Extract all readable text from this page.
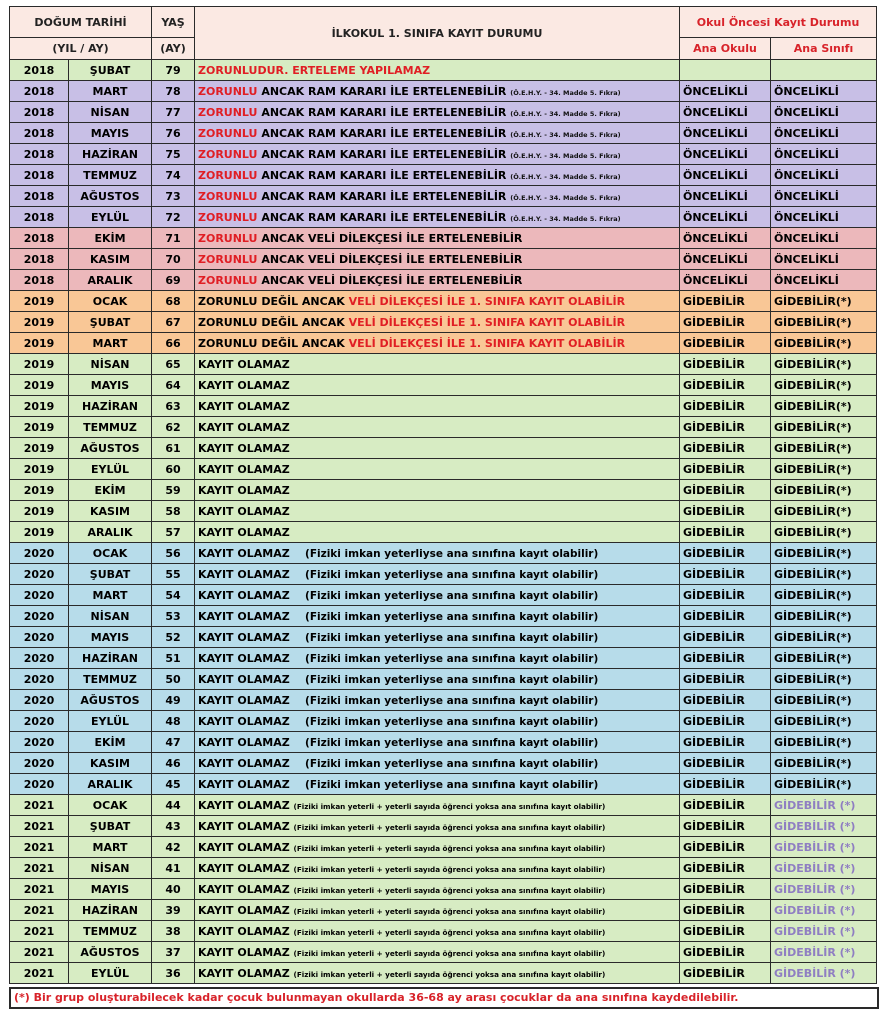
DOĞUM TARİHİ		YAŞ	İLKOKUL 1. SINIFA KAYIT DURUMU	Okul Öncesi Kayıt Durumu	
(YIL / AY)		(AY)		Ana Okulu	Ana Sınıfı
2018	ŞUBAT	79	ZORUNLUDUR. ERTELEME YAPILAMAZ		
2018	MART	78	ZORUNLU ANCAK RAM KARARI İLE ERTELENEBİLİR (Ö.E.H.Y. - 34. Madde 5. Fıkra)	ÖNCELİKLİ	ÖNCELİKLİ
2018	NİSAN	77	ZORUNLU ANCAK RAM KARARI İLE ERTELENEBİLİR (Ö.E.H.Y. - 34. Madde 5. Fıkra)	ÖNCELİKLİ	ÖNCELİKLİ
2018	MAYIS	76	ZORUNLU ANCAK RAM KARARI İLE ERTELENEBİLİR (Ö.E.H.Y. - 34. Madde 5. Fıkra)	ÖNCELİKLİ	ÖNCELİKLİ
2018	HAZİRAN	75	ZORUNLU ANCAK RAM KARARI İLE ERTELENEBİLİR (Ö.E.H.Y. - 34. Madde 5. Fıkra)	ÖNCELİKLİ	ÖNCELİKLİ
2018	TEMMUZ	74	ZORUNLU ANCAK RAM KARARI İLE ERTELENEBİLİR (Ö.E.H.Y. - 34. Madde 5. Fıkra)	ÖNCELİKLİ	ÖNCELİKLİ
2018	AĞUSTOS	73	ZORUNLU ANCAK RAM KARARI İLE ERTELENEBİLİR (Ö.E.H.Y. - 34. Madde 5. Fıkra)	ÖNCELİKLİ	ÖNCELİKLİ
2018	EYLÜL	72	ZORUNLU ANCAK RAM KARARI İLE ERTELENEBİLİR (Ö.E.H.Y. - 34. Madde 5. Fıkra)	ÖNCELİKLİ	ÖNCELİKLİ
2018	EKİM	71	ZORUNLU ANCAK VELİ DİLEKÇESİ İLE ERTELENEBİLİR	ÖNCELİKLİ	ÖNCELİKLİ
2018	KASIM	70	ZORUNLU ANCAK VELİ DİLEKÇESİ İLE ERTELENEBİLİR	ÖNCELİKLİ	ÖNCELİKLİ
2018	ARALIK	69	ZORUNLU ANCAK VELİ DİLEKÇESİ İLE ERTELENEBİLİR	ÖNCELİKLİ	ÖNCELİKLİ
2019	OCAK	68	ZORUNLU DEĞİL ANCAK VELİ DİLEKÇESİ İLE 1. SINIFA KAYIT OLABİLİR	GİDEBİLİR	GİDEBİLİR(*)
2019	ŞUBAT	67	ZORUNLU DEĞİL ANCAK VELİ DİLEKÇESİ İLE 1. SINIFA KAYIT OLABİLİR	GİDEBİLİR	GİDEBİLİR(*)
2019	MART	66	ZORUNLU DEĞİL ANCAK VELİ DİLEKÇESİ İLE 1. SINIFA KAYIT OLABİLİR	GİDEBİLİR	GİDEBİLİR(*)
2019	NİSAN	65	KAYIT OLAMAZ	GİDEBİLİR	GİDEBİLİR(*)
2019	MAYIS	64	KAYIT OLAMAZ	GİDEBİLİR	GİDEBİLİR(*)
2019	HAZİRAN	63	KAYIT OLAMAZ	GİDEBİLİR	GİDEBİLİR(*)
2019	TEMMUZ	62	KAYIT OLAMAZ	GİDEBİLİR	GİDEBİLİR(*)
2019	AĞUSTOS	61	KAYIT OLAMAZ	GİDEBİLİR	GİDEBİLİR(*)
2019	EYLÜL	60	KAYIT OLAMAZ	GİDEBİLİR	GİDEBİLİR(*)
2019	EKİM	59	KAYIT OLAMAZ	GİDEBİLİR	GİDEBİLİR(*)
2019	KASIM	58	KAYIT OLAMAZ	GİDEBİLİR	GİDEBİLİR(*)
2019	ARALIK	57	KAYIT OLAMAZ	GİDEBİLİR	GİDEBİLİR(*)
2020	OCAK	56	KAYIT OLAMAZ (Fiziki imkan yeterliyse ana sınıfına kayıt olabilir)	GİDEBİLİR	GİDEBİLİR(*)
2020	ŞUBAT	55	KAYIT OLAMAZ (Fiziki imkan yeterliyse ana sınıfına kayıt olabilir)	GİDEBİLİR	GİDEBİLİR(*)
2020	MART	54	KAYIT OLAMAZ (Fiziki imkan yeterliyse ana sınıfına kayıt olabilir)	GİDEBİLİR	GİDEBİLİR(*)
2020	NİSAN	53	KAYIT OLAMAZ (Fiziki imkan yeterliyse ana sınıfına kayıt olabilir)	GİDEBİLİR	GİDEBİLİR(*)
2020	MAYIS	52	KAYIT OLAMAZ (Fiziki imkan yeterliyse ana sınıfına kayıt olabilir)	GİDEBİLİR	GİDEBİLİR(*)
2020	HAZİRAN	51	KAYIT OLAMAZ (Fiziki imkan yeterliyse ana sınıfına kayıt olabilir)	GİDEBİLİR	GİDEBİLİR(*)
2020	TEMMUZ	50	KAYIT OLAMAZ (Fiziki imkan yeterliyse ana sınıfına kayıt olabilir)	GİDEBİLİR	GİDEBİLİR(*)
2020	AĞUSTOS	49	KAYIT OLAMAZ (Fiziki imkan yeterliyse ana sınıfına kayıt olabilir)	GİDEBİLİR	GİDEBİLİR(*)
2020	EYLÜL	48	KAYIT OLAMAZ (Fiziki imkan yeterliyse ana sınıfına kayıt olabilir)	GİDEBİLİR	GİDEBİLİR(*)
2020	EKİM	47	KAYIT OLAMAZ (Fiziki imkan yeterliyse ana sınıfına kayıt olabilir)	GİDEBİLİR	GİDEBİLİR(*)
2020	KASIM	46	KAYIT OLAMAZ (Fiziki imkan yeterliyse ana sınıfına kayıt olabilir)	GİDEBİLİR	GİDEBİLİR(*)
2020	ARALIK	45	KAYIT OLAMAZ (Fiziki imkan yeterliyse ana sınıfına kayıt olabilir)	GİDEBİLİR	GİDEBİLİR(*)
2021	OCAK	44	KAYIT OLAMAZ (Fiziki imkan yeterli + yeterli sayıda öğrenci yoksa ana sınıfına kayıt olabilir)	GİDEBİLİR	GİDEBİLİR (*)
2021	ŞUBAT	43	KAYIT OLAMAZ (Fiziki imkan yeterli + yeterli sayıda öğrenci yoksa ana sınıfına kayıt olabilir)	GİDEBİLİR	GİDEBİLİR (*)
2021	MART	42	KAYIT OLAMAZ (Fiziki imkan yeterli + yeterli sayıda öğrenci yoksa ana sınıfına kayıt olabilir)	GİDEBİLİR	GİDEBİLİR (*)
2021	NİSAN	41	KAYIT OLAMAZ (Fiziki imkan yeterli + yeterli sayıda öğrenci yoksa ana sınıfına kayıt olabilir)	GİDEBİLİR	GİDEBİLİR (*)
2021	MAYIS	40	KAYIT OLAMAZ (Fiziki imkan yeterli + yeterli sayıda öğrenci yoksa ana sınıfına kayıt olabilir)	GİDEBİLİR	GİDEBİLİR (*)
2021	HAZİRAN	39	KAYIT OLAMAZ (Fiziki imkan yeterli + yeterli sayıda öğrenci yoksa ana sınıfına kayıt olabilir)	GİDEBİLİR	GİDEBİLİR (*)
2021	TEMMUZ	38	KAYIT OLAMAZ (Fiziki imkan yeterli + yeterli sayıda öğrenci yoksa ana sınıfına kayıt olabilir)	GİDEBİLİR	GİDEBİLİR (*)
2021	AĞUSTOS	37	KAYIT OLAMAZ (Fiziki imkan yeterli + yeterli sayıda öğrenci yoksa ana sınıfına kayıt olabilir)	GİDEBİLİR	GİDEBİLİR (*)
2021	EYLÜL	36	KAYIT OLAMAZ (Fiziki imkan yeterli + yeterli sayıda öğrenci yoksa ana sınıfına kayıt olabilir)	GİDEBİLİR	GİDEBİLİR (*)
(*) Bir grup oluşturabilecek kadar çocuk bulunmayan okullarda 36-68 ay arası çocuklar da ana sınıfına kaydedilebilir.
